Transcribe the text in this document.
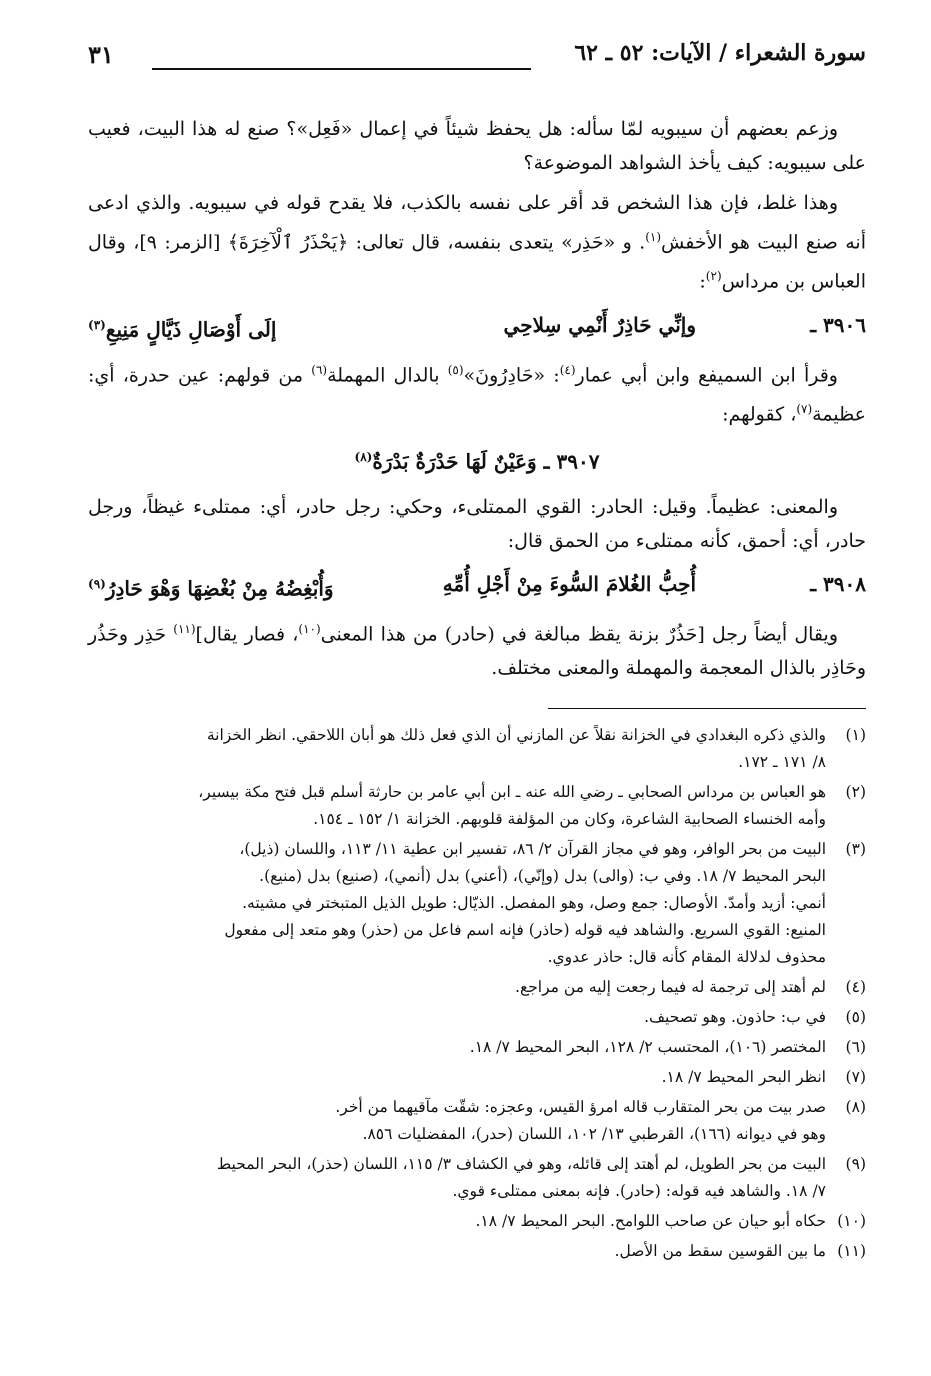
سورة الشعراء / الآيات: ٥٢ ـ ٦٢
٣١

وزعم بعضهم أن سيبويه لمّا سأله: هل يحفظ شيئاً في إعمال «فَعِل»؟ صنع له هذا البيت، فعيب على سيبويه: كيف يأخذ الشواهد الموضوعة؟

وهذا غلط، فإن هذا الشخص قد أقر على نفسه بالكذب، فلا يقدح قوله في سيبويه. والذي ادعى أنه صنع البيت هو الأخفش$^{(١)}$. و «حَذِر» يتعدى بنفسه، قال تعالى: ﴿يَحْذَرُ ٱلْآخِرَةَ﴾ [الزمر: ٩]، وقال العباس بن مرداس$^{(٢)}$:

٣٩٠٦ ـ
وإنِّي حَاذِرٌ أَنْمِي سِلاحِي
إلَى أَوْصَالِ ذَيَّالٍ مَنِيعِ$^{(٣)}$

وقرأ ابن السميفع وابن أبي عمار$^{(٤)}$: «حَادِرُونَ»$^{(٥)}$ بالدال المهملة$^{(٦)}$ من قولهم: عين حدرة، أي: عظيمة$^{(٧)}$، كقولهم:

٣٩٠٧ ـ وَعَيْنٌ لَهَا حَدْرَةٌ بَدْرَةٌ$^{(٨)}$

والمعنى: عظيماً. وقيل: الحادر: القوي الممتلىء، وحكي: رجل حادر، أي: ممتلىء غيظاً، ورجل حادر، أي: أحمق، كأنه ممتلىء من الحمق قال:

٣٩٠٨ ـ
أُحِبُّ الغُلامَ السُّوءَ مِنْ أَجْلِ أُمِّهِ
وَأُبْغِضُهُ مِنْ بُغْضِهَا وَهْوَ حَادِرُ$^{(٩)}$

ويقال أيضاً رجل [حَذُرٌ بزنة يقظ مبالغة في (حادر) من هذا المعنى$^{(١٠)}$، فصار يقال]$^{(١١)}$ حَذِر وحَذُر وحَاذِر بالذال المعجمة والمهملة والمعنى مختلف.

(١)
والذي ذكره البغدادي في الخزانة نقلاً عن المازني أن الذي فعل ذلك هو أبان اللاحقي. انظر الخزانة
٨/ ١٧١ ـ ١٧٢.
(٢)
هو العباس بن مرداس الصحابي ـ رضي الله عنه ـ ابن أبي عامر بن حارثة أسلم قبل فتح مكة بيسير،
وأمه الخنساء الصحابية الشاعرة، وكان من المؤلفة قلوبهم. الخزانة ١/ ١٥٢ ـ ١٥٤.
(٣)
البيت من بحر الوافر، وهو في مجاز القرآن ٢/ ٨٦، تفسير ابن عطية ١١/ ١١٣، واللسان (ذيل)،
البحر المحيط ٧/ ١٨. وفي ب: (والى) بدل (وإنّي)، (أعني) بدل (أنمي)، (صنيع) بدل (منيع).
أنمي: أزيد وأمدّ. الأوصال: جمع وصل، وهو المفصل. الذيّال: طويل الذيل المتبختر في مشيته.
المنيع: القوي السريع. والشاهد فيه قوله (حاذر) فإنه اسم فاعل من (حذر) وهو متعد إلى مفعول
محذوف لدلالة المقام كأنه قال: حاذر عدوي.
(٤)
لم أهتد إلى ترجمة له فيما رجعت إليه من مراجع.
(٥)
في ب: حاذون. وهو تصحيف.
(٦)
المختصر (١٠٦)، المحتسب ٢/ ١٢٨، البحر المحيط ٧/ ١٨.
(٧)
انظر البحر المحيط ٧/ ١٨.
(٨)
صدر بيت من بحر المتقارب قاله امرؤ القيس، وعجزه: شقّت مآقيهما من أخر.
وهو في ديوانه (١٦٦)، القرطبي ١٣/ ١٠٢، اللسان (حدر)، المفضليات ٨٥٦.
(٩)
البيت من بحر الطويل، لم أهتد إلى قائله، وهو في الكشاف ٣/ ١١٥، اللسان (حذر)، البحر المحيط
٧/ ١٨. والشاهد فيه قوله: (حادر). فإنه بمعنى ممتلىء قوي.
(١٠)
حكاه أبو حيان عن صاحب اللوامح. البحر المحيط ٧/ ١٨.
(١١)
ما بين القوسين سقط من الأصل.
